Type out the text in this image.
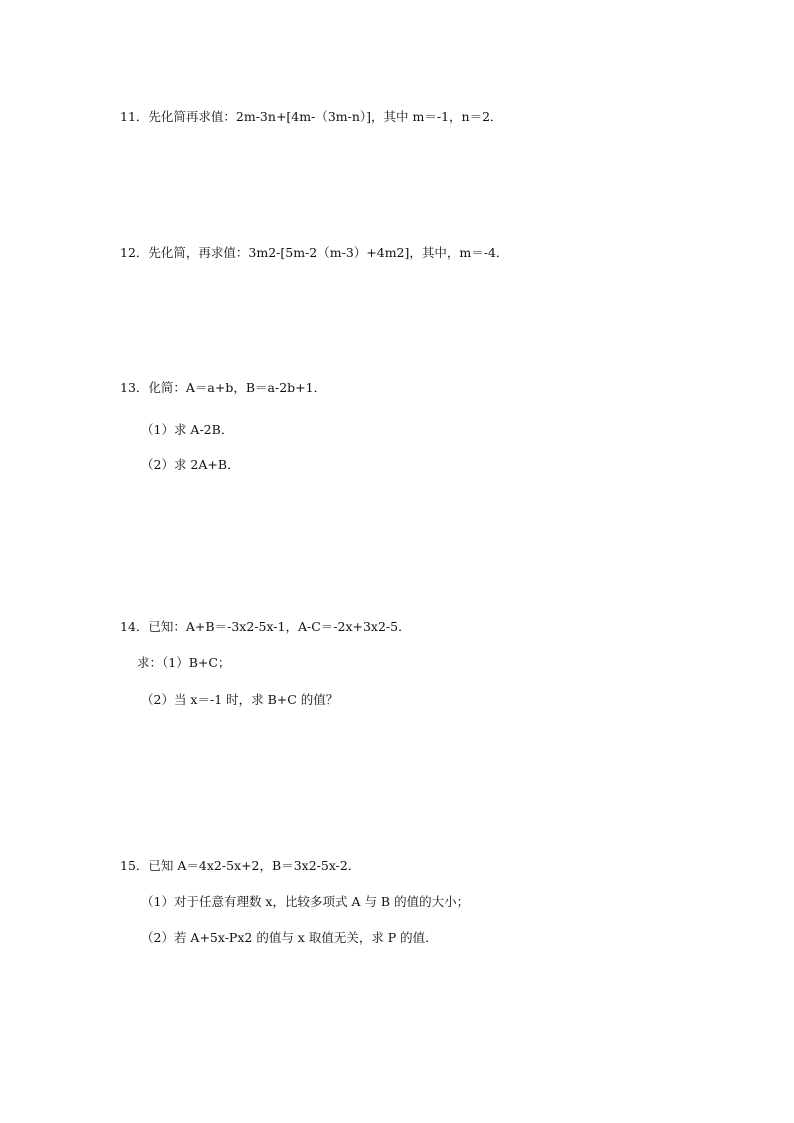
11．先化简再求值：2m-3n+[4m-（3m-n）]，其中 m＝-1，n＝2．
12．先化简，再求值：3m2-[5m-2（m-3）+4m2]，其中，m＝-4．
13．化简：A＝a+b，B＝a-2b+1．
（1）求 A-2B．
（2）求 2A+B．
14．已知：A+B＝-3x2-5x-1，A-C＝-2x+3x2-5．
求：（1）B+C；
（2）当 x＝-1 时，求 B+C 的值？
15．已知 A＝4x2-5x+2，B＝3x2-5x-2．
（1）对于任意有理数 x，比较多项式 A 与 B 的值的大小；
（2）若 A+5x-Px2 的值与 x 取值无关，求 P 的值．
